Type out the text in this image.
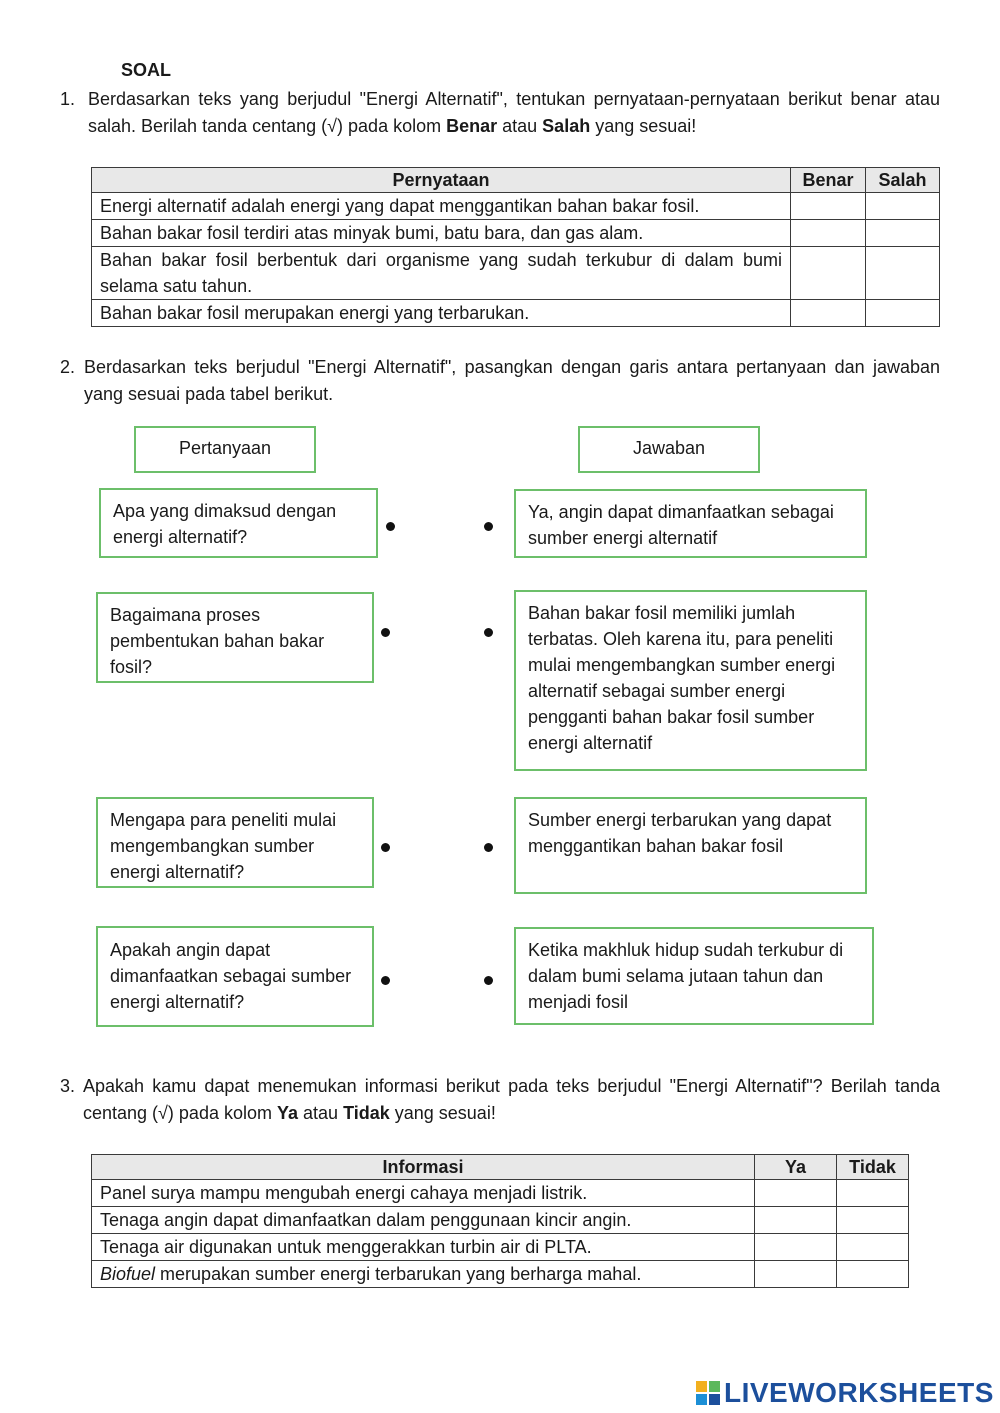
SOAL
1. Berdasarkan teks yang berjudul "Energi Alternatif", tentukan pernyataan-pernyataan berikut benar atau salah. Berilah tanda centang (√) pada kolom Benar atau Salah yang sesuai!
Pernyataan	Benar	Salah
Energi alternatif adalah energi yang dapat menggantikan bahan bakar fosil.		
Bahan bakar fosil terdiri atas minyak bumi, batu bara, dan gas alam.		
Bahan bakar fosil berbentuk dari organisme yang sudah terkubur di dalam bumi selama satu tahun.		
Bahan bakar fosil merupakan energi yang terbarukan.		
2. Berdasarkan teks berjudul "Energi Alternatif", pasangkan dengan garis antara pertanyaan dan jawaban yang sesuai pada tabel berikut.
Pertanyaan	Jawaban
Apa yang dimaksud dengan energi alternatif?
Bagaimana proses pembentukan bahan bakar fosil?
Mengapa para peneliti mulai mengembangkan sumber energi alternatif?
Apakah angin dapat dimanfaatkan sebagai sumber energi alternatif?
Ya, angin dapat dimanfaatkan sebagai sumber energi alternatif
Bahan bakar fosil memiliki jumlah terbatas. Oleh karena itu, para peneliti mulai mengembangkan sumber energi alternatif sebagai sumber energi pengganti bahan bakar fosil sumber energi alternatif
Sumber energi terbarukan yang dapat menggantikan bahan bakar fosil
Ketika makhluk hidup sudah terkubur di dalam bumi selama jutaan tahun dan menjadi fosil
3. Apakah kamu dapat menemukan informasi berikut pada teks berjudul "Energi Alternatif"? Berilah tanda centang (√) pada kolom Ya atau Tidak yang sesuai!
Informasi	Ya	Tidak
Panel surya mampu mengubah energi cahaya menjadi listrik.		
Tenaga angin dapat dimanfaatkan dalam penggunaan kincir angin.		
Tenaga air digunakan untuk menggerakkan turbin air di PLTA.		
Biofuel merupakan sumber energi terbarukan yang berharga mahal.		
LIVEWORKSHEETS
